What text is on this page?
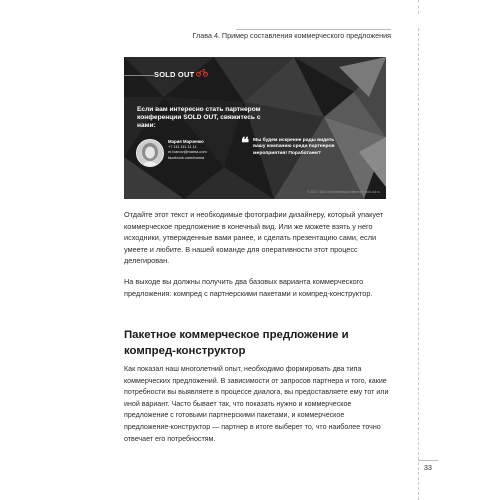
Глава 4. Пример составления коммерческого предложения
SOLD OUT
Если вам интересно стать партнером конференции SOLD OUT, свяжитесь с нами:
Мария Марченко
+7 111 111 11 11
m.ivanov@mama.com
facebook.com/mama
❝ Мы будем искренне рады видеть вашу компанию среди партнеров мероприятия! Поработаем?
© 2017, Sold Out marketing conference, sold-out.ru
Отдайте этот текст и необходимые фотографии дизайнеру, который упакует коммерческое предложение в конечный вид. Или же можете взять у него исходники, утвержденные вами ранее, и сделать презентацию сами, если умеете и любите. В нашей команде для оперативности этот процесс делегирован.
На выходе вы должны получить два базовых варианта коммерческого предложения: компред с партнерскими пакетами и компред-конструктор.
Пакетное коммерческое предложение и компред-конструктор
Как показал наш многолетний опыт, необходимо формировать два типа коммерческих предложений. В зависимости от запросов партнера и того, какие потребности вы выявляете в процессе диалога, вы предоставляете ему тот или иной вариант. Часто бывает так, что показать нужно и коммерческое предложение с готовыми партнерскими пакетами, и коммерческое предложение-конструктор — партнер в итоге выберет то, что наиболее точно отвечает его потребностям.
33
